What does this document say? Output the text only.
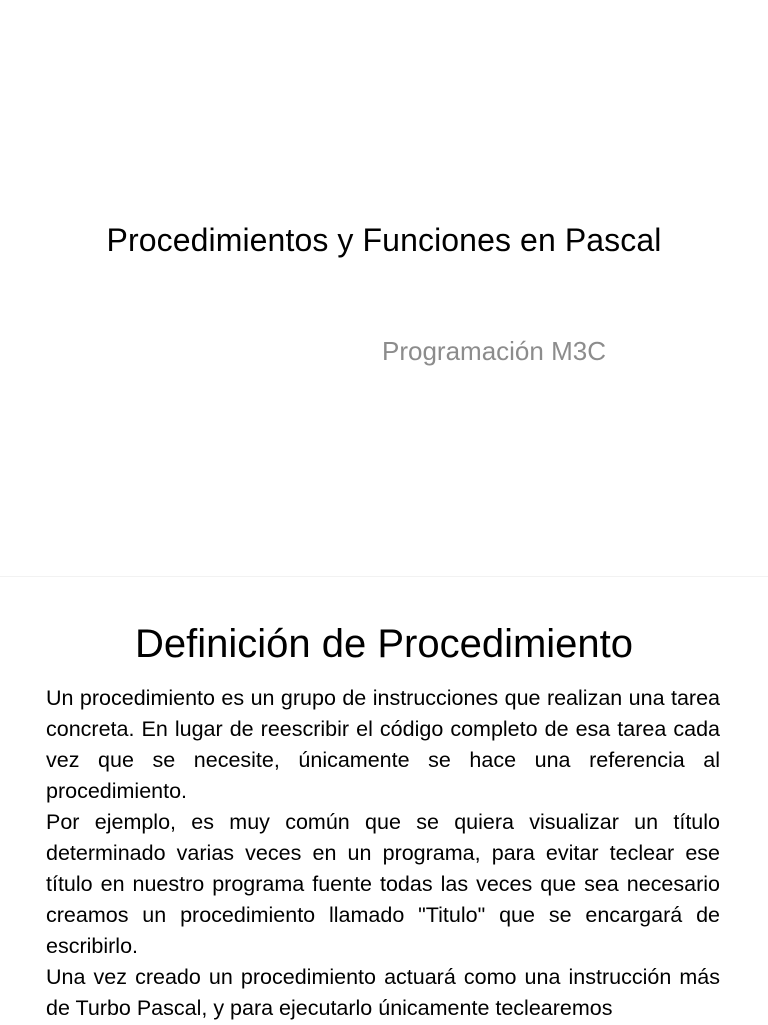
Procedimientos y Funciones en Pascal
Programación M3C
Definición de Procedimiento

Un procedimiento es un grupo de instrucciones que realizan una tarea concreta. En lugar de reescribir el código completo de esa tarea cada vez que se necesite, únicamente se hace una referencia al procedimiento.

Por ejemplo, es muy común que se quiera visualizar un título determinado varias veces en un programa, para evitar teclear ese título en nuestro programa fuente todas las veces que sea necesario creamos un procedimiento llamado "Titulo" que se encargará de escribirlo.

Una vez creado un procedimiento actuará como una instrucción más de Turbo Pascal, y para ejecutarlo únicamente teclearemos
